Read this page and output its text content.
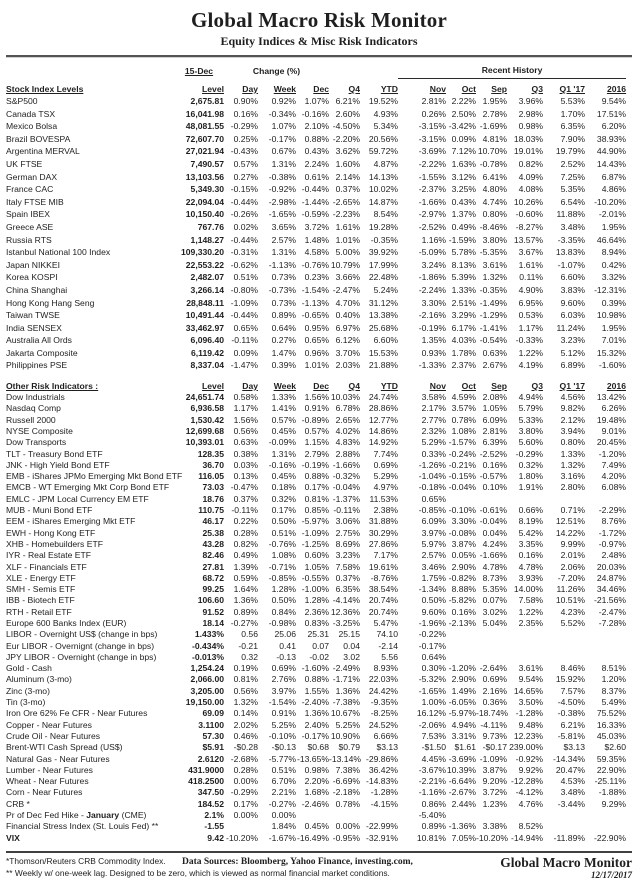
Global Macro Risk Monitor
Equity Indices & Misc Risk Indicators
	15-Dec	Change (%)					Recent History						
Stock Index Levels	Level	Day	Week	Dec	Q4	YTD		Nov	Oct	Sep	Q3	Q1 '17	2016
S&P500	2,675.81	0.90%	0.92%	1.07%	6.21%	19.52%		2.81%	2.22%	1.95%	3.96%	5.53%	9.54%
Canada TSX	16,041.98	0.16%	-0.34%	-0.16%	2.60%	4.93%		0.26%	2.50%	2.78%	2.98%	1.70%	17.51%
Mexico Bolsa	48,081.55	-0.29%	1.07%	2.10%	-4.50%	5.34%		-3.15%	-3.42%	-1.69%	0.98%	6.35%	6.20%
Brazil BOVESPA	72,607.70	0.25%	-0.17%	0.88%	-2.20%	20.56%		-3.15%	0.09%	4.81%	18.03%	7.90%	38.93%
Argentina MERVAL	27,021.94	-0.43%	0.67%	0.43%	3.62%	59.72%		-3.69%	7.12%	10.70%	19.01%	19.79%	44.90%
UK FTSE	7,490.57	0.57%	1.31%	2.24%	1.60%	4.87%		-2.22%	1.63%	-0.78%	0.82%	2.52%	14.43%
German DAX	13,103.56	0.27%	-0.38%	0.61%	2.14%	14.13%		-1.55%	3.12%	6.41%	4.09%	7.25%	6.87%
France CAC	5,349.30	-0.15%	-0.92%	-0.44%	0.37%	10.02%		-2.37%	3.25%	4.80%	4.08%	5.35%	4.86%
Italy FTSE MIB	22,094.04	-0.44%	-2.98%	-1.44%	-2.65%	14.87%		-1.66%	0.43%	4.74%	10.26%	6.54%	-10.20%
Spain IBEX	10,150.40	-0.26%	-1.65%	-0.59%	-2.23%	8.54%		-2.97%	1.37%	0.80%	-0.60%	11.88%	-2.01%
Greece ASE	767.76	0.02%	3.65%	3.72%	1.61%	19.28%		-2.52%	0.49%	-8.46%	-8.27%	3.48%	1.95%
Russia RTS	1,148.27	-0.44%	2.57%	1.48%	1.01%	-0.35%		1.16%	-1.59%	3.80%	13.57%	-3.35%	46.64%
Istanbul National 100 Index	109,330.20	-0.31%	1.31%	4.58%	5.00%	39.92%		-5.09%	5.78%	-5.35%	3.67%	13.83%	8.94%
Japan NIKKEI	22,553.22	-0.62%	-1.13%	-0.76%	10.79%	17.99%		3.24%	8.13%	3.61%	1.61%	-1.07%	0.42%
Korea KOSPI	2,482.07	0.51%	0.73%	0.23%	3.66%	22.48%		-1.86%	5.39%	1.32%	0.11%	6.60%	3.32%
China Shanghai	3,266.14	-0.80%	-0.73%	-1.54%	-2.47%	5.24%		-2.24%	1.33%	-0.35%	4.90%	3.83%	-12.31%
Hong Kong Hang Seng	28,848.11	-1.09%	0.73%	-1.13%	4.70%	31.12%		3.30%	2.51%	-1.49%	6.95%	9.60%	0.39%
Taiwan TWSE	10,491.44	-0.44%	0.89%	-0.65%	0.40%	13.38%		-2.16%	3.29%	-1.29%	0.53%	6.03%	10.98%
India SENSEX	33,462.97	0.65%	0.64%	0.95%	6.97%	25.68%		-0.19%	6.17%	-1.41%	1.17%	11.24%	1.95%
Australia All Ords	6,096.40	-0.11%	0.27%	0.65%	6.12%	6.60%		1.35%	4.03%	-0.54%	-0.33%	3.23%	7.01%
Jakarta Composite	6,119.42	0.09%	1.47%	0.96%	3.70%	15.53%		0.93%	1.78%	0.63%	1.22%	5.12%	15.32%
Philippines PSE	8,337.04	-1.47%	0.39%	1.01%	2.03%	21.88%		-1.33%	2.37%	2.67%	4.19%	6.89%	-1.60%
Other Risk Indicators :	Level	Day	Week	Dec	Q4	YTD		Nov	Oct	Sep	Q3	Q1 '17	2016
Dow Industrials	24,651.74	0.58%	1.33%	1.56%	10.03%	24.74%		3.58%	4.59%	2.08%	4.94%	4.56%	13.42%
Nasdaq Comp	6,936.58	1.17%	1.41%	0.91%	6.78%	28.86%		2.17%	3.57%	1.05%	5.79%	9.82%	6.26%
Russell 2000	1,530.42	1.56%	0.57%	-0.89%	2.65%	12.77%		2.77%	0.78%	6.09%	5.33%	2.12%	19.48%
NYSE Composite	12,699.68	0.56%	0.45%	0.57%	4.02%	14.86%		2.32%	1.08%	2.81%	3.80%	3.94%	9.01%
Dow Transports	10,393.01	0.63%	-0.09%	1.15%	4.83%	14.92%		5.29%	-1.57%	6.39%	5.60%	0.80%	20.45%
TLT - Treasury Bond ETF	128.35	0.38%	1.31%	2.79%	2.88%	7.74%		0.33%	-0.24%	-2.52%	-0.29%	1.33%	-1.20%
JNK - High Yield Bond ETF	36.70	0.03%	-0.16%	-0.19%	-1.66%	0.69%		-1.26%	-0.21%	0.16%	0.32%	1.32%	7.49%
EMB - iShares JPMo Emerging Mkt Bond ETF	116.05	0.13%	0.45%	0.88%	-0.32%	5.29%		-1.04%	-0.15%	-0.57%	1.80%	3.16%	4.20%
EMCB - WT Emerging Mkt Corp Bond ETF	73.03	-0.47%	0.18%	0.17%	-0.04%	4.97%		-0.18%	-0.04%	0.10%	1.91%	2.80%	6.08%
EMLC - JPM Local Currency EM ETF	18.76	0.37%	0.32%	0.81%	-1.37%	11.53%		0.65%					
MUB - Muni Bond ETF	110.75	-0.11%	0.17%	0.85%	-0.11%	2.38%		-0.85%	-0.10%	-0.61%	0.66%	0.71%	-2.29%
EEM - iShares Emerging Mkt ETF	46.17	0.22%	0.50%	-5.97%	3.06%	31.88%		6.09%	3.30%	-0.04%	8.19%	12.51%	8.76%
EWH - Hong Kong ETF	25.38	0.28%	0.51%	-1.09%	2.75%	30.29%		3.97%	-0.08%	0.04%	5.42%	14.22%	-1.72%
XHB - Homebuilders ETF	43.28	0.82%	-0.76%	-1.25%	8.69%	27.86%		5.97%	3.87%	4.24%	3.35%	9.99%	-0.97%
IYR - Real Estate ETF	82.46	0.49%	1.08%	0.60%	3.23%	7.17%		2.57%	0.05%	-1.66%	0.16%	2.01%	2.48%
XLF - Financials ETF	27.81	1.39%	-0.71%	1.05%	7.58%	19.61%		3.46%	2.90%	4.78%	4.78%	2.06%	20.03%
XLE - Energy ETF	68.72	0.59%	-0.85%	-0.55%	0.37%	-8.76%		1.75%	-0.82%	8.73%	3.93%	-7.20%	24.87%
SMH - Semis ETF	99.25	1.64%	1.28%	-1.00%	6.35%	38.54%		-1.34%	8.88%	5.35%	14.00%	11.26%	34.46%
IBB - Biotech ETF	106.60	1.36%	0.50%	1.28%	-4.14%	20.74%		0.50%	-5.82%	0.07%	7.58%	10.51%	-21.56%
RTH - Retail ETF	91.52	0.89%	0.84%	2.36%	12.36%	20.74%		9.60%	0.16%	3.02%	1.22%	4.23%	-2.47%
Europe 600 Banks Index (EUR)	18.14	-0.27%	-0.98%	0.83%	-3.25%	5.47%		-1.96%	-2.13%	5.04%	2.35%	5.52%	-7.28%
LIBOR - Overnight US$ (change in bps)	1.433%	0.56	25.06	25.31	25.15	74.10		-0.22%					
Eur LIBOR - Overnignt (change in bps)	-0.434%	-0.21	0.41	0.07	0.04	-2.14		-0.17%					
JPY LIBOR - Overnight (change in bps)	-0.013%	0.32	-0.13	-0.02	3.02	5.56		0.64%					
Gold - Cash	1,254.24	0.19%	0.69%	-1.60%	-2.49%	8.93%		0.30%	-1.20%	-2.64%	3.61%	8.46%	8.51%
Aluminum (3-mo)	2,066.00	0.81%	2.76%	0.88%	-1.71%	22.03%		-5.32%	2.90%	0.69%	9.54%	15.92%	1.20%
Zinc (3-mo)	3,205.00	0.56%	3.97%	1.55%	1.36%	24.42%		-1.65%	1.49%	2.16%	14.65%	7.57%	8.37%
Tin (3-mo)	19,150.00	1.32%	-1.54%	-2.40%	-7.38%	-9.35%		1.00%	-6.05%	0.36%	3.50%	-4.50%	5.49%
Iron Ore 62% Fe CFR - Near Futures	69.09	0.14%	0.91%	1.36%	10.67%	-8.25%		16.12%	-5.97%	-18.74%	-1.28%	-0.38%	75.52%
Copper - Near Futures	3.1100	2.02%	5.25%	2.40%	5.25%	24.52%		-2.06%	4.94%	-4.11%	9.48%	6.21%	16.33%
Crude Oil - Near Futures	57.30	0.46%	-0.10%	-0.17%	10.90%	6.66%		7.53%	3.31%	9.73%	12.23%	-5.81%	45.03%
Brent-WTI Cash Spread (US$)	$5.91	-$0.28	-$0.13	$0.68	$0.79	$3.13		-$1.50	$1.61	-$0.17	239.00%	$3.13	$2.60
Natural Gas - Near Futures	2.6120	-2.68%	-5.77%	-13.65%	-13.14%	-29.86%		4.45%	-3.69%	-1.09%	-0.92%	-14.34%	59.35%
Lumber - Near Futures	431.9000	0.28%	0.51%	0.98%	7.38%	36.42%		-3.67%	10.39%	3.87%	9.92%	20.47%	22.90%
Wheat - Near Futures	418.2500	0.00%	6.70%	2.20%	-6.69%	-14.83%		-2.21%	-6.64%	9.20%	-12.28%	4.53%	-25.11%
Corn - Near Futures	347.50	-0.29%	2.21%	1.68%	-2.18%	-1.28%		-1.16%	-2.67%	3.72%	-4.12%	3.48%	-1.88%
CRB *	184.52	0.17%	-0.27%	-2.46%	0.78%	-4.15%		0.86%	2.44%	1.23%	4.76%	-3.44%	9.29%
Pr of Dec Fed Hike - January (CME)	2.1%	0.00%	0.00%					-5.40%					
Financial Stress Index (St. Louis Fed) **	-1.55		1.84%	0.45%	0.00%	-22.99%		0.89%	-1.36%	3.38%	8.52%		
VIX	9.42	-10.20%	-1.67%	-16.49%	-0.95%	-32.91%		10.81%	7.05%	-10.20%	-14.94%	-11.89%	-22.90%
*Thomson/Reuters CRB Commodity Index. Data Sources: Bloomberg, Yahoo Finance, investing.com,
** Weekly w/ one-week lag. Designed to be zero, which is viewed as normal financial market conditions.
Global Macro Monitor
12/17/2017
